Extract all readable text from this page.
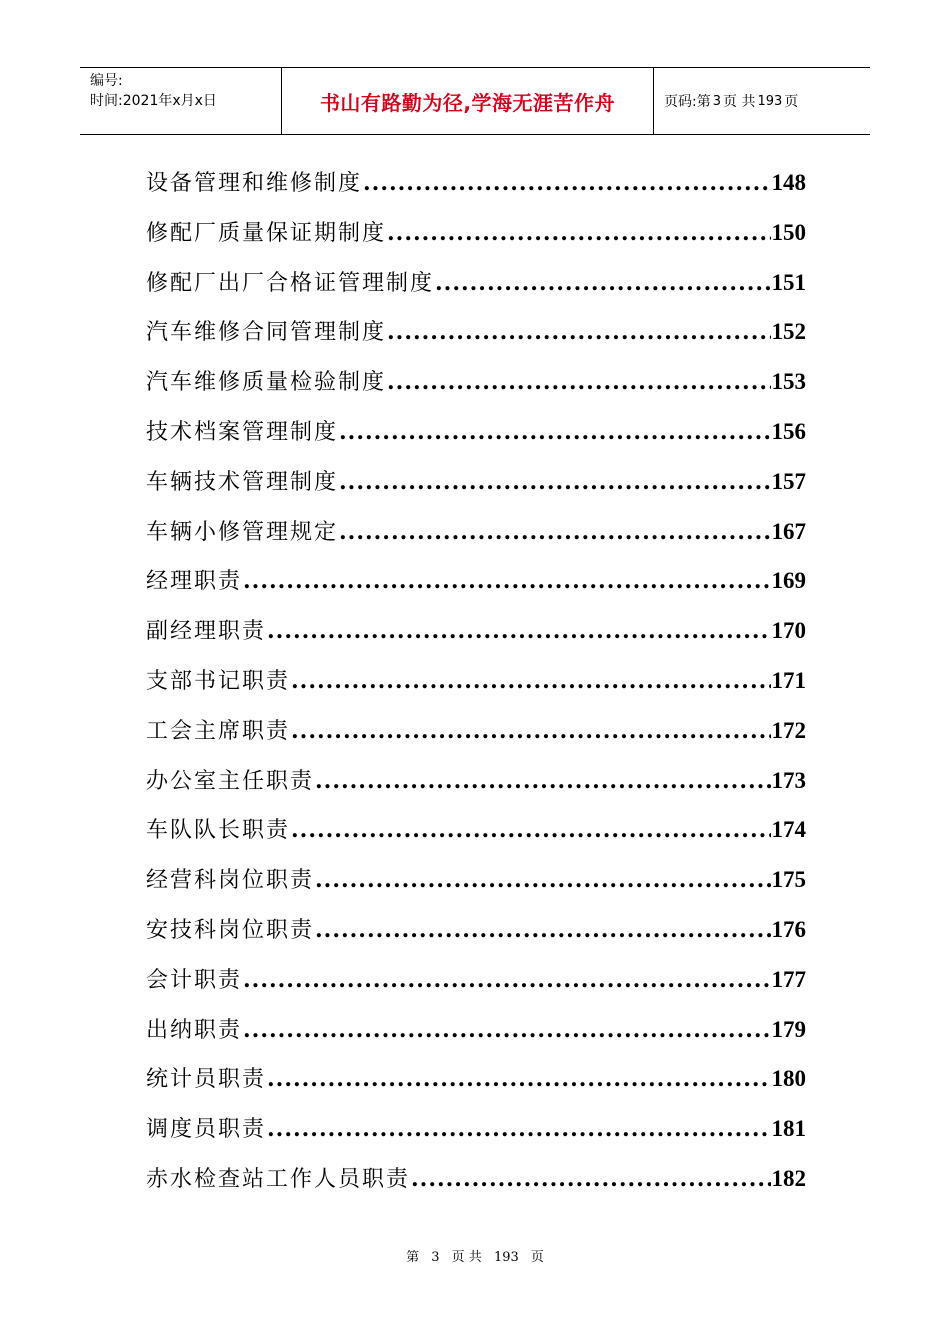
编号:
时间:2021年x月x日	书山有路勤为径,学海无涯苦作舟	页码:第 3 页 共 193 页
设备管理和维修制度 .....	148
修配厂质量保证期制度 .....	150
修配厂出厂合格证管理制度 .....	151
汽车维修合同管理制度 .....	152
汽车维修质量检验制度 .....	153
技术档案管理制度 .....	156
车辆技术管理制度 .....	157
车辆小修管理规定 .....	167
经理职责 .....	169
副经理职责 .....	170
支部书记职责 .....	171
工会主席职责 .....	172
办公室主任职责 .....	173
车队队长职责 .....	174
经营科岗位职责 .....	175
安技科岗位职责 .....	176
会计职责 .....	177
出纳职责 .....	179
统计员职责 .....	180
调度员职责 .....	181
赤水检查站工作人员职责 .....	182
第 3 页 共 193 页
